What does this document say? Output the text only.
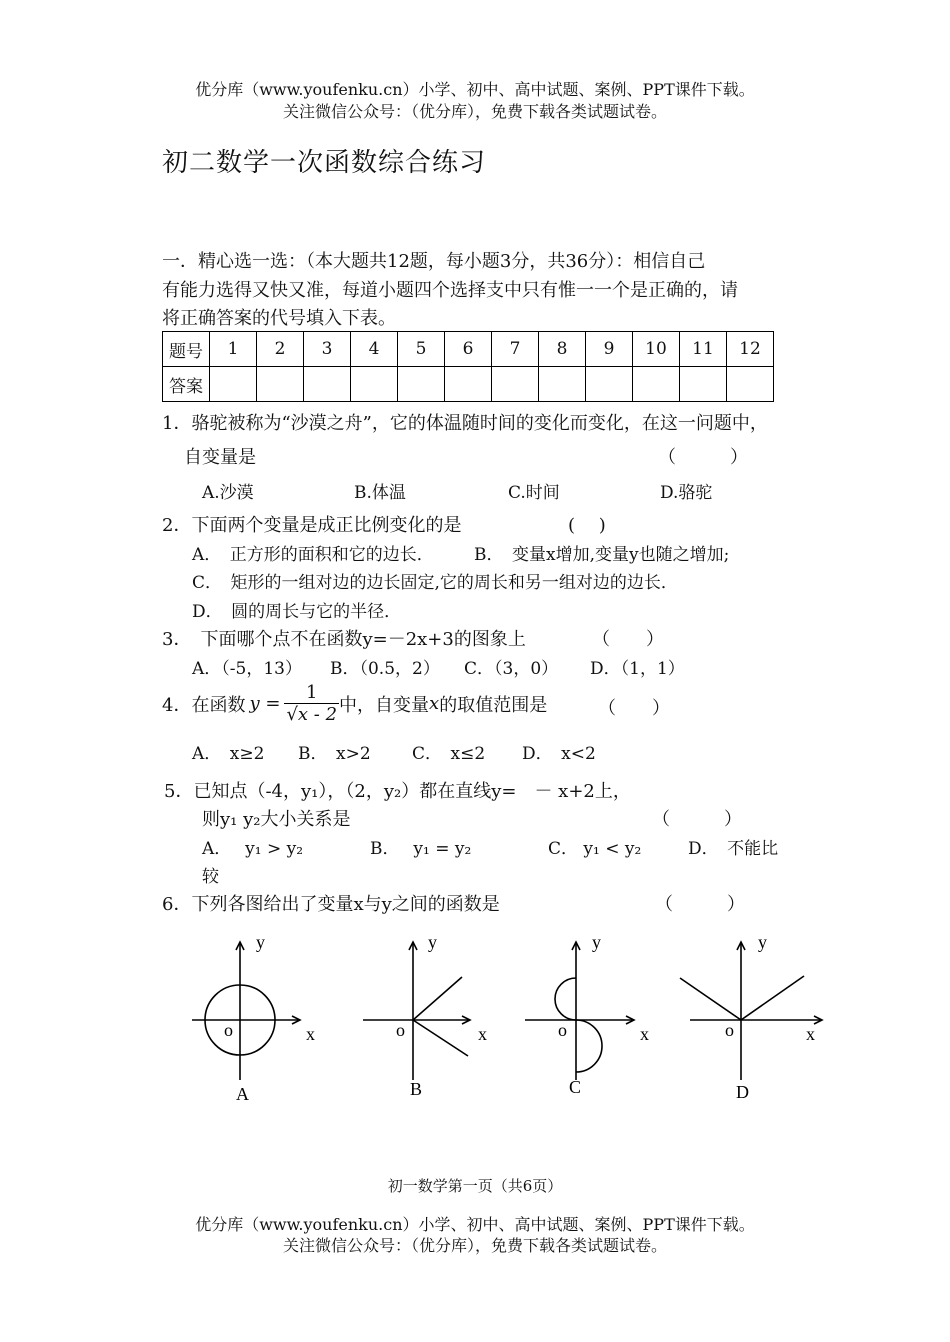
优分库（www.youfenku.cn）小学、初中、高中试题、案例、PPT课件下载。
关注微信公众号：（优分库），免费下载各类试题试卷。
初二数学一次函数综合练习
一．精心选一选：（本大题共12题，每小题3分，共36分）：相信自己
有能力选得又快又准，每道小题四个选择支中只有惟一一个是正确的，请
将正确答案的代号填入下表。
题号	1	2	3	4	5	6	7	8	9	10	11	12
答案												
1．骆驼被称为“沙漠之舟”，它的体温随时间的变化而变化，在这一问题中，
自变量是	（　　　）
A.沙漠	B.体温	C.时间	D.骆驼
2．下面两个变量是成正比例变化的是	(　 )
A．　正方形的面积和它的边长． B．　变量x增加,变量y也随之增加;
C．　矩形的一组对边的边长固定,它的周长和另一组对边的边长．
D．　圆的周长与它的半径．
3．　下面哪个点不在函数y=－2x+3的图象上	（　　）
A．（-5，13） B．（0.5，2） C．（3，0） D．（1，1）
4．在函数 $y = \frac{1}{√x - 2}$ 中，自变量 x 的取值范围是	（　　）
A．　x≥2 B．　x>2 C．　x≤2 D．　x<2
5．已知点（-4，y₁），（2，y₂）都在直线y=　－ x+2上，
则y₁ y₂大小关系是	（　　　）
A．　 y₁ > y₂	B．　 y₁ = y₂	C． y₁ < y₂	D．　不能比
较
6．下列各图给出了变量x与y之间的函数是	（　　　）
y
x
o
A
y
x
o
B
y
x
o
C
y
x
o
D
初一数学第一页（共6页）
优分库（www.youfenku.cn）小学、初中、高中试题、案例、PPT课件下载。
关注微信公众号：（优分库），免费下载各类试题试卷。
